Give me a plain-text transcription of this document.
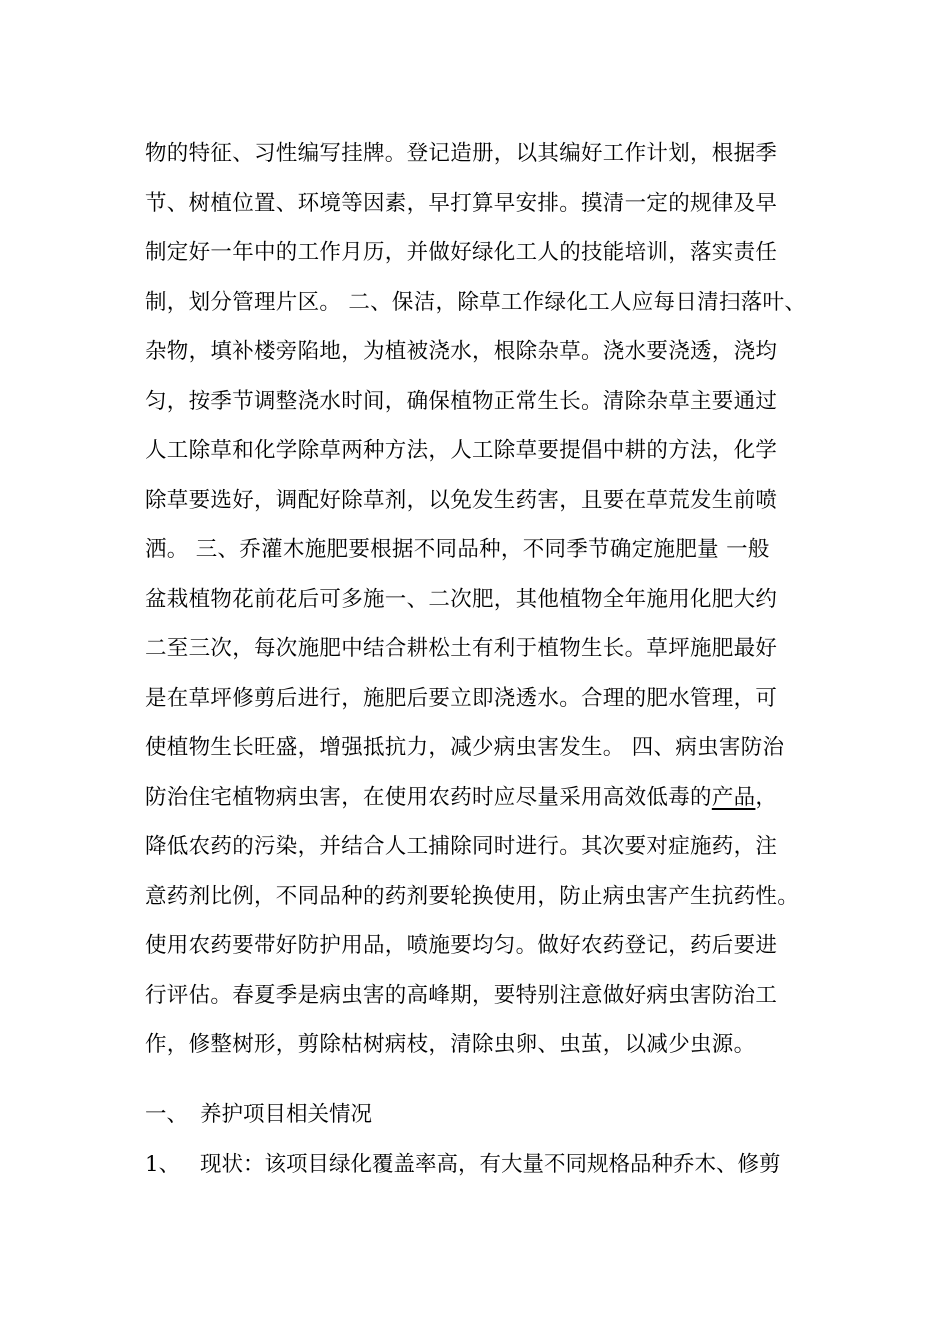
物的特征、习性编写挂牌。登记造册，以其编好工作计划，根据季
节、树植位置、环境等因素，早打算早安排。摸清一定的规律及早
制定好一年中的工作月历，并做好绿化工人的技能培训，落实责任
制，划分管理片区。 二、保洁，除草工作绿化工人应每日清扫落叶、
杂物，填补楼旁陷地，为植被浇水，根除杂草。浇水要浇透，浇均
匀，按季节调整浇水时间，确保植物正常生长。清除杂草主要通过
人工除草和化学除草两种方法，人工除草要提倡中耕的方法，化学
除草要选好，调配好除草剂，以免发生药害，且要在草荒发生前喷
洒。 三、乔灌木施肥要根据不同品种，不同季节确定施肥量 一般
盆栽植物花前花后可多施一、二次肥，其他植物全年施用化肥大约
二至三次，每次施肥中结合耕松土有利于植物生长。草坪施肥最好
是在草坪修剪后进行，施肥后要立即浇透水。合理的肥水管理，可
使植物生长旺盛，增强抵抗力，减少病虫害发生。 四、病虫害防治
防治住宅植物病虫害，在使用农药时应尽量采用高效低毒的产品，
降低农药的污染，并结合人工捕除同时进行。其次要对症施药，注
意药剂比例，不同品种的药剂要轮换使用，防止病虫害产生抗药性。
使用农药要带好防护用品，喷施要均匀。做好农药登记，药后要进
行评估。春夏季是病虫害的高峰期，要特别注意做好病虫害防治工
作，修整树形，剪除枯树病枝，清除虫卵、虫茧，以减少虫源。
一、 养护项目相关情况
1、 现状：该项目绿化覆盖率高，有大量不同规格品种乔木、修剪
